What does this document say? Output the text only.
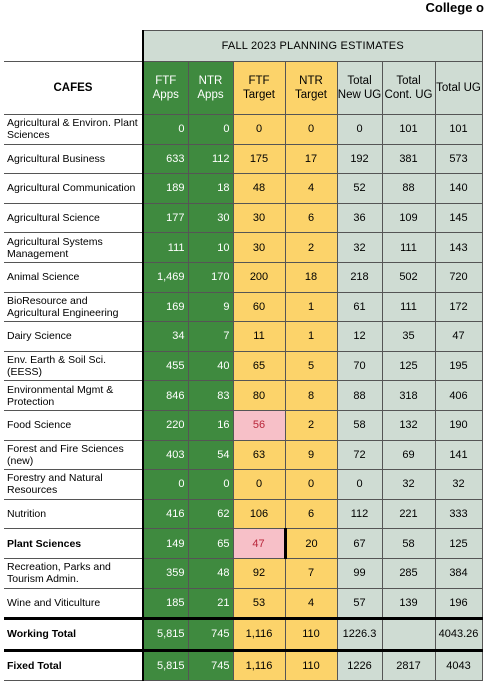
College o
	FALL 2023 PLANNING ESTIMATES						
CAFES	FTF Apps	NTR Apps	FTF Target	NTR Target	Total New UG	Total Cont. UG	Total UG
Agricultural & Environ. Plant Sciences	0	0	0	0	0	101	101
Agricultural Business	633	112	175	17	192	381	573
Agricultural Communication	189	18	48	4	52	88	140
Agricultural Science	177	30	30	6	36	109	145
Agricultural Systems Management	111	10	30	2	32	111	143
Animal Science	1,469	170	200	18	218	502	720
BioResource and Agricultural Engineering	169	9	60	1	61	111	172
Dairy Science	34	7	11	1	12	35	47
Env. Earth & Soil Sci. (EESS)	455	40	65	5	70	125	195
Environmental Mgmt & Protection	846	83	80	8	88	318	406
Food Science	220	16	56	2	58	132	190
Forest and Fire Sciences (new)	403	54	63	9	72	69	141
Forestry and Natural Resources	0	0	0	0	0	32	32
Nutrition	416	62	106	6	112	221	333
Plant Sciences	149	65	47	20	67	58	125
Recreation, Parks and Tourism Admin.	359	48	92	7	99	285	384
Wine and Viticulture	185	21	53	4	57	139	196
Working Total	5,815	745	1,116	110	1226.3		4043.26
Fixed Total	5,815	745	1,116	110	1226	2817	4043
